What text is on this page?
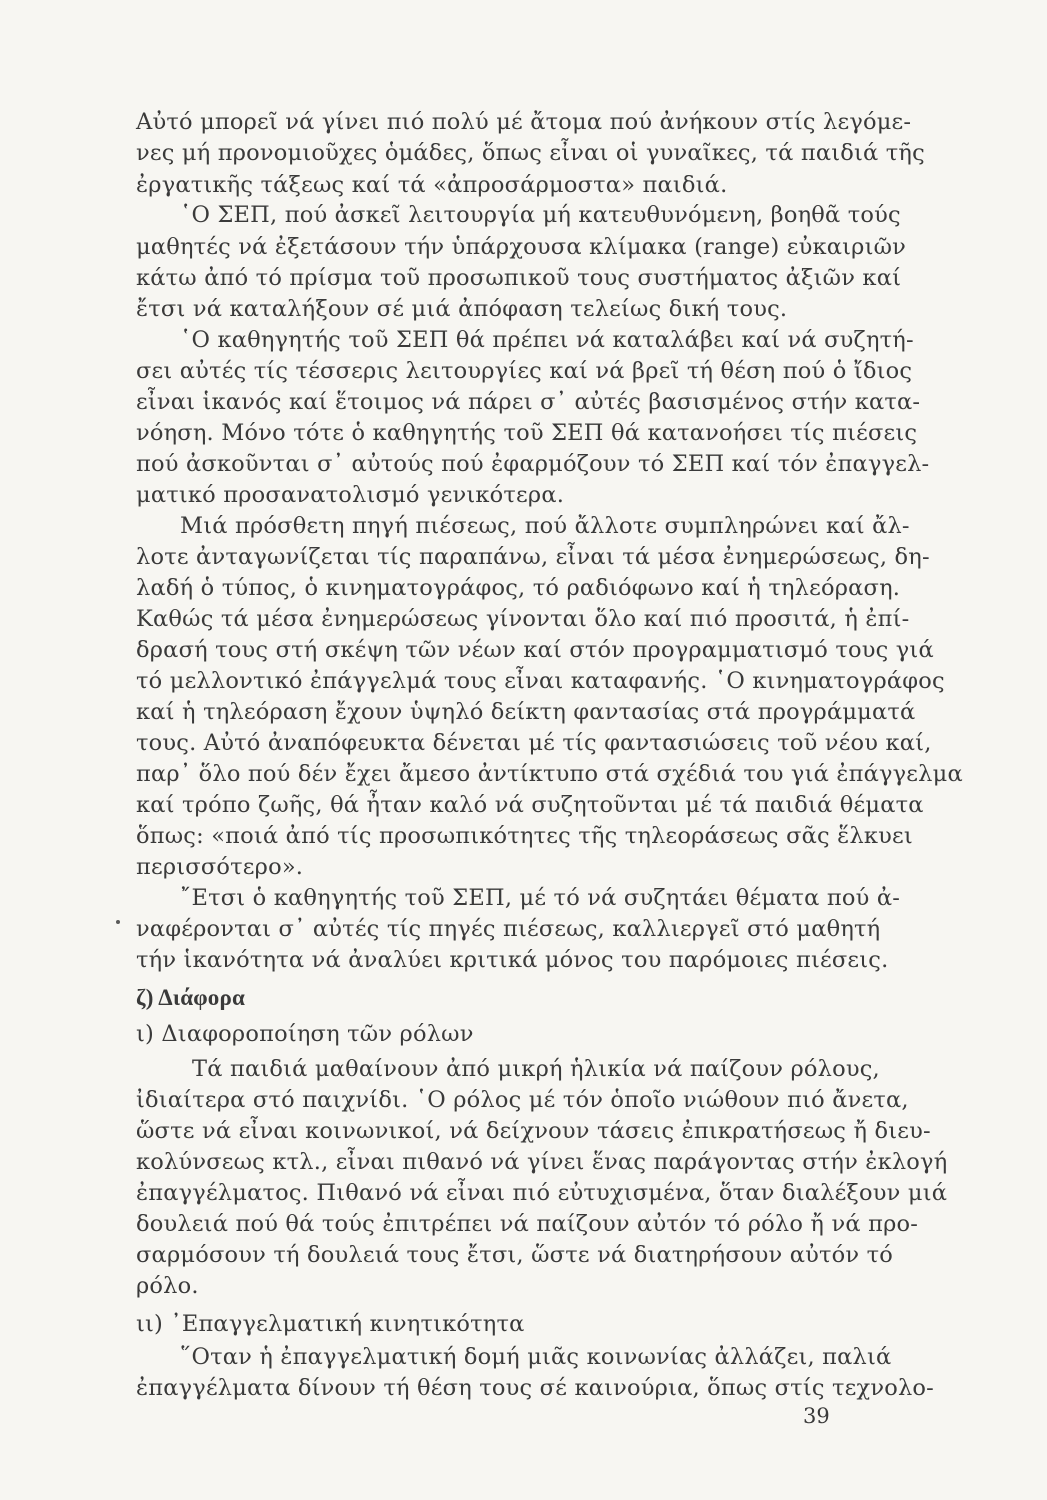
Αὐτό μπορεῖ νά γίνει πιό πολύ μέ ἄτομα πού ἀνήκουν στίς λεγόμε-
νες μή προνομιοῦχες ὁμάδες, ὅπως εἶναι οἱ γυναῖκες, τά παιδιά τῆς
ἐργατικῆς τάξεως καί τά «ἀπροσάρμοστα» παιδιά.
῾Ο ΣΕΠ, πού ἀσκεῖ λειτουργία μή κατευθυνόμενη, βοηθᾶ τούς
μαθητές νά ἐξετάσουν τήν ὑπάρχουσα κλίμακα (range) εὐκαιριῶν
κάτω ἀπό τό πρίσμα τοῦ προσωπικοῦ τους συστήματος ἀξιῶν καί
ἔτσι νά καταλήξουν σέ μιά ἀπόφαση τελείως δική τους.
῾Ο καθηγητής τοῦ ΣΕΠ θά πρέπει νά καταλάβει καί νά συζητή-
σει αὐτές τίς τέσσερις λειτουργίες καί νά βρεῖ τή θέση πού ὁ ἴδιος
εἶναι ἱκανός καί ἕτοιμος νά πάρει σ᾽ αὐτές βασισμένος στήν κατα-
νόηση. Μόνο τότε ὁ καθηγητής τοῦ ΣΕΠ θά κατανοήσει τίς πιέσεις
πού ἀσκοῦνται σ᾽ αὐτούς πού ἐφαρμόζουν τό ΣΕΠ καί τόν ἐπαγγελ-
ματικό προσανατολισμό γενικότερα.
Μιά πρόσθετη πηγή πιέσεως, πού ἄλλοτε συμπληρώνει καί ἄλ-
λοτε ἀνταγωνίζεται τίς παραπάνω, εἶναι τά μέσα ἐνημερώσεως, δη-
λαδή ὁ τύπος, ὁ κινηματογράφος, τό ραδιόφωνο καί ἡ τηλεόραση.
Καθώς τά μέσα ἐνημερώσεως γίνονται ὅλο καί πιό προσιτά, ἡ ἐπί-
δρασή τους στή σκέψη τῶν νέων καί στόν προγραμματισμό τους γιά
τό μελλοντικό ἐπάγγελμά τους εἶναι καταφανής. ῾Ο κινηματογράφος
καί ἡ τηλεόραση ἔχουν ὑψηλό δείκτη φαντασίας στά προγράμματά
τους. Αὐτό ἀναπόφευκτα δένεται μέ τίς φαντασιώσεις τοῦ νέου καί,
παρ᾽ ὅλο πού δέν ἔχει ἄμεσο ἀντίκτυπο στά σχέδιά του γιά ἐπάγγελμα
καί τρόπο ζωῆς, θά ἦταν καλό νά συζητοῦνται μέ τά παιδιά θέματα
ὅπως: «ποιά ἀπό τίς προσωπικότητες τῆς τηλεοράσεως σᾶς ἕλκυει
περισσότερο».
῎Ετσι ὁ καθηγητής τοῦ ΣΕΠ, μέ τό νά συζητάει θέματα πού ἀ-
ναφέρονται σ᾽ αὐτές τίς πηγές πιέσεως, καλλιεργεῖ στό μαθητή
τήν ἱκανότητα νά ἀναλύει κριτικά μόνος του παρόμοιες πιέσεις.
ζ) Διάφορα
ι) Διαφοροποίηση τῶν ρόλων
Τά παιδιά μαθαίνουν ἀπό μικρή ἡλικία νά παίζουν ρόλους,
ἰδιαίτερα στό παιχνίδι. ῾Ο ρόλος μέ τόν ὁποῖο νιώθουν πιό ἄνετα,
ὥστε νά εἶναι κοινωνικοί, νά δείχνουν τάσεις ἐπικρατήσεως ἤ διευ-
κολύνσεως κτλ., εἶναι πιθανό νά γίνει ἕνας παράγοντας στήν ἐκλογή
ἐπαγγέλματος. Πιθανό νά εἶναι πιό εὐτυχισμένα, ὅταν διαλέξουν μιά
δουλειά πού θά τούς ἐπιτρέπει νά παίζουν αὐτόν τό ρόλο ἤ νά προ-
σαρμόσουν τή δουλειά τους ἔτσι, ὥστε νά διατηρήσουν αὐτόν τό
ρόλο.
ιι) ᾽Επαγγελματική κινητικότητα
῞Οταν ἡ ἐπαγγελματική δομή μιᾶς κοινωνίας ἀλλάζει, παλιά
ἐπαγγέλματα δίνουν τή θέση τους σέ καινούρια, ὅπως στίς τεχνολο-
39
